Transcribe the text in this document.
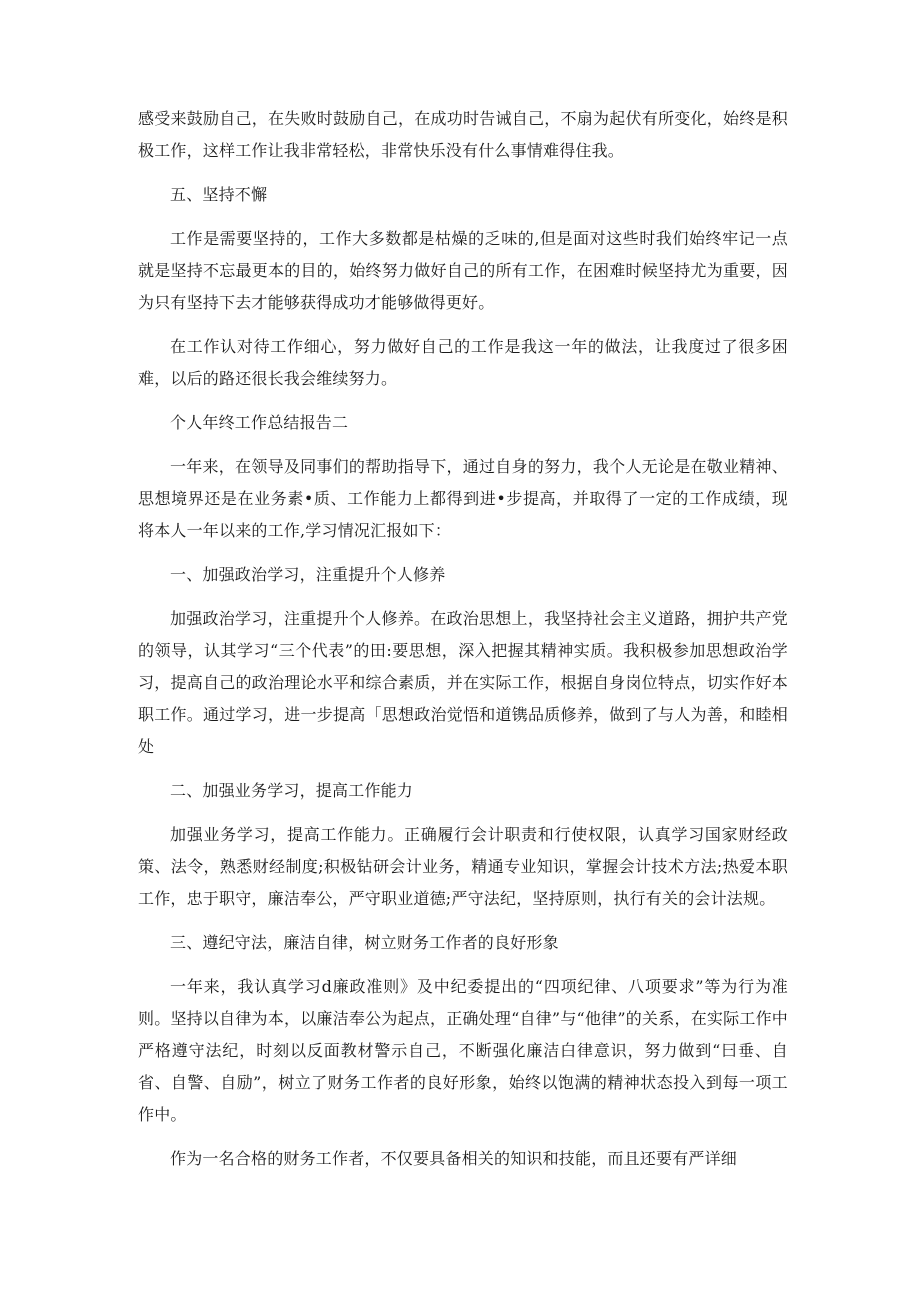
感受来鼓励自己，在失败时鼓励自己，在成功时告诫自己，不扇为起伏有所变化，始终是积极工作，这样工作让我非常轻松，非常快乐没有什么事情难得住我。

五、坚持不懈

工作是需要坚持的，工作大多数都是枯燥的乏味的,但是面对这些时我们始终牢记一点就是坚持不忘最更本的目的，始终努力做好自己的所有工作，在困难时候坚持尤为重要，因为只有坚持下去才能够获得成功才能够做得更好。

在工作认对待工作细心，努力做好自己的工作是我这一年的做法，让我度过了很多困难，以后的路还很长我会维续努力。

个人年终工作总结报告二

一年来，在领导及同事们的帮助指导下，通过自身的努力，我个人无论是在敬业精神、思想境界还是在业务素•质、工作能力上都得到进•步提高，并取得了一定的工作成绩，现将本人一年以来的工作,学习情况汇报如下：

一、加强政治学习，注重提升个人修养

加强政治学习，注重提升个人修养。在政治思想上，我坚持社会主义道路，拥护共产党的领导，认其学习“三个代表”的田:要思想，深入把握其精神实质。我积极参加思想政治学习，提高自己的政治理论水平和综合素质，并在实际工作，根据自身岗位特点，切实作好本职工作。通过学习，进一步提高「思想政治觉悟和道镌品质修养，做到了与人为善，和睦相处

二、加强业务学习，提高工作能力

加强业务学习，提高工作能力。正确履行会计职责和行使权限，认真学习国家财经政策、法令，熟悉财经制度;积极钻研会计业务，精通专业知识，掌握会计技术方法;热爱本职工作，忠于职守，廉洁奉公，严守职业道德;严守法纪，坚持原则，执行有关的会计法规。

三、遵纪守法，廉洁自律，树立财务工作者的良好形象

一年来，我认真学习d廉政准则》及中纪委提出的“四项纪律、八项要求”等为行为准则。坚持以自律为本，以廉洁奉公为起点，正确处理“自律”与“他律”的关系，在实际工作中严格遵守法纪，时刻以反面教材警示自己，不断强化廉洁白律意识，努力做到“曰垂、自省、自警、自励”，树立了财务工作者的良好形象，始终以饱满的精神状态投入到每一项工作中。

作为一名合格的财务工作者，不仅要具备相关的知识和技能，而且还要有严详细
